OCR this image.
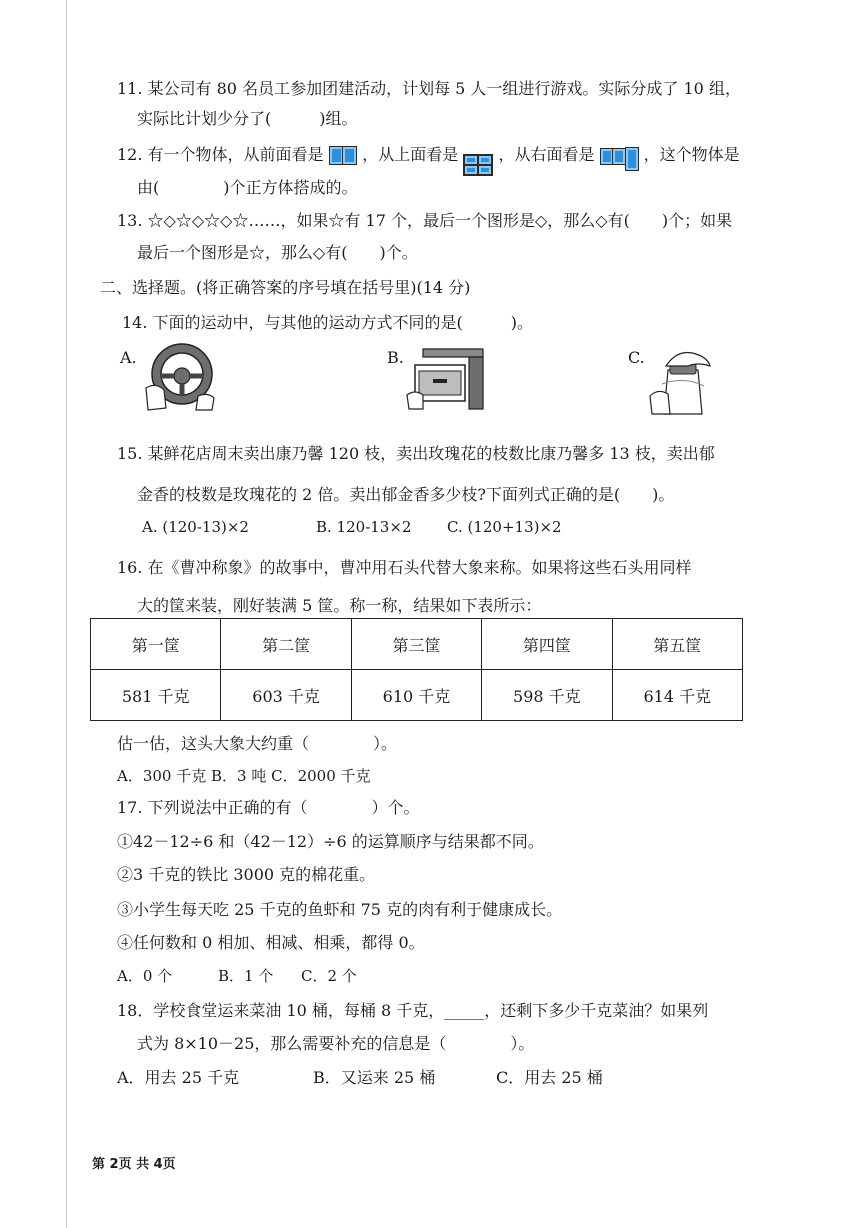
11. 某公司有 80 名员工参加团建活动，计划每 5 人一组进行游戏。实际分成了 10 组，
实际比计划少分了(　　　)组。
12. 有一个物体，从前面看是 ，从上面看是	，从右面看是	，这个物体是
由(　　　　)个正方体搭成的。
13. ☆◇☆◇☆◇☆……，如果☆有 17 个，最后一个图形是◇，那么◇有(　　)个；如果
最后一个图形是☆，那么◇有(　　)个。
二、选择题。(将正确答案的序号填在括号里)(14 分)
14. 下面的运动中，与其他的运动方式不同的是(　　　)。
A.	B.	C.
15. 某鲜花店周末卖出康乃馨 120 枝，卖出玫瑰花的枝数比康乃馨多 13 枝，卖出郁
金香的枝数是玫瑰花的 2 倍。卖出郁金香多少枝?下面列式正确的是(　　)。
A. (120-13)×2	B. 120-13×2 C. (120+13)×2
16. 在《曹冲称象》的故事中，曹冲用石头代替大象来称。如果将这些石头用同样
大的筐来装，刚好装满 5 筐。称一称，结果如下表所示：
第一筐	第二筐	第三筐	第四筐	第五筐
581 千克	603 千克	610 千克	598 千克	614 千克
估一估，这头大象大约重（　　　　）。
A．300 千克 B．3 吨 C．2000 千克
17. 下列说法中正确的有（　　　　）个。
①42－12÷6 和（42－12）÷6 的运算顺序与结果都不同。
②3 千克的铁比 3000 克的棉花重。
③小学生每天吃 25 千克的鱼虾和 75 克的肉有利于健康成长。
④任何数和 0 相加、相减、相乘，都得 0。
A．0 个	B．1 个 C．2 个
18．学校食堂运来菜油 10 桶，每桶 8 千克，_____，还剩下多少千克菜油？如果列
式为 8×10－25，那么需要补充的信息是（　　　　）。
A．用去 25 千克	B．又运来 25 桶	C．用去 25 桶
第 2页 共 4页
